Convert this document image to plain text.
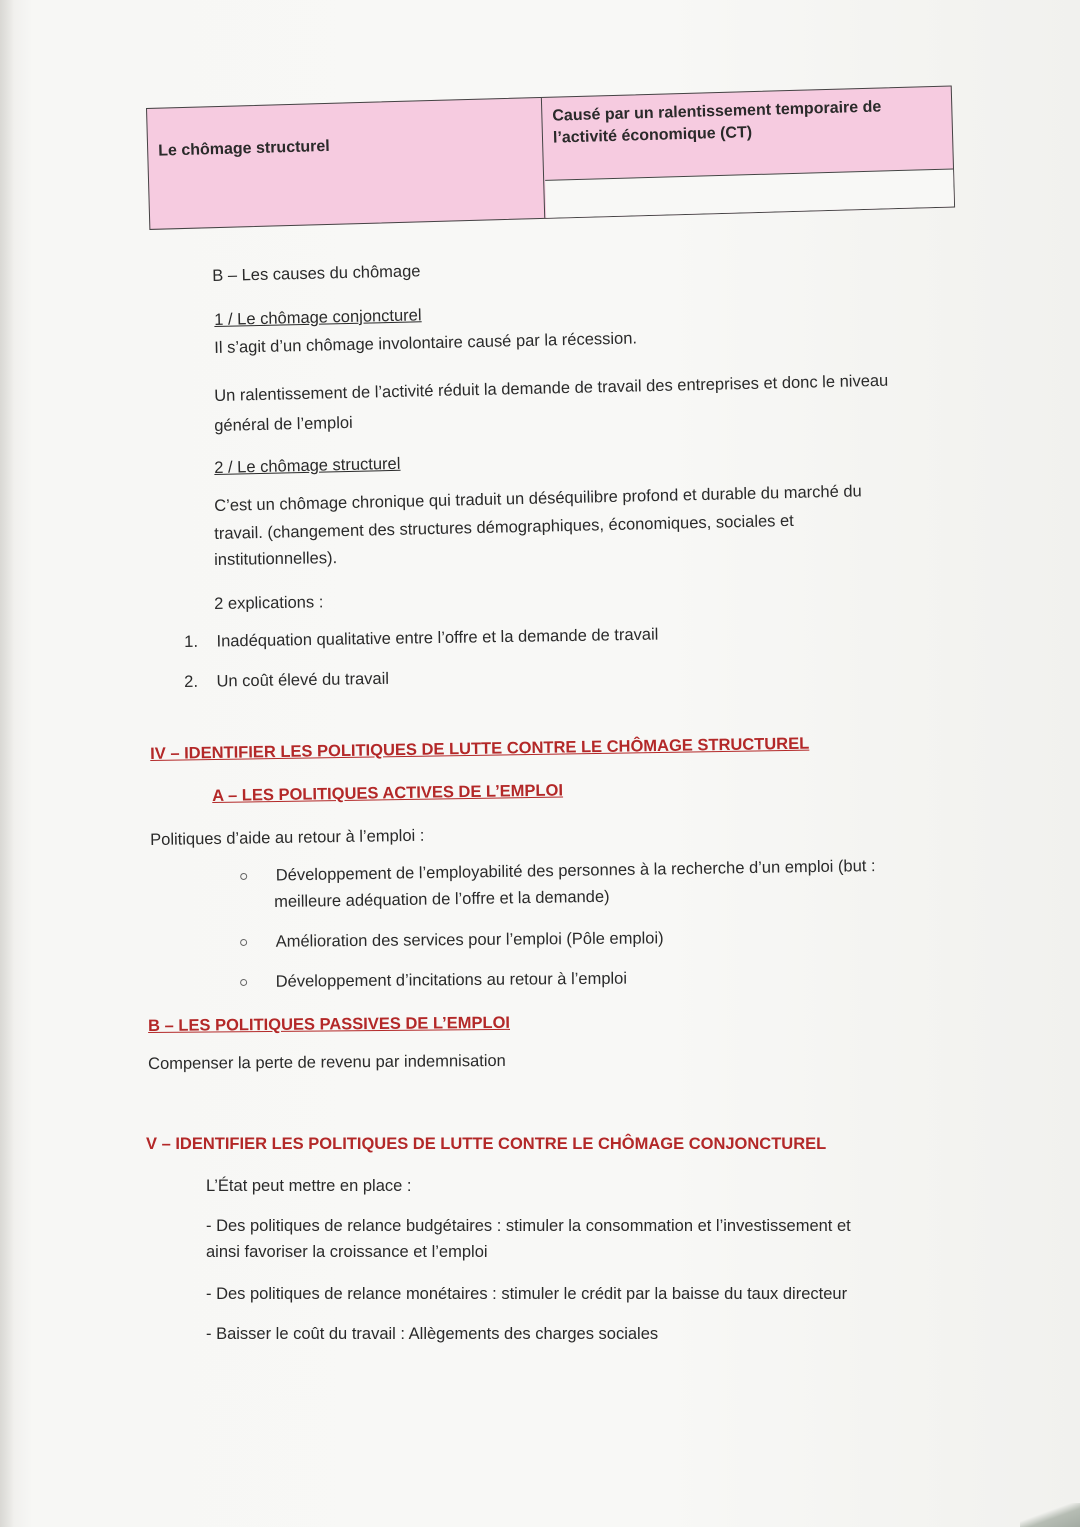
Le chômage structurel
Causé par un ralentissement temporaire de
l’activité économique (CT)
B – Les causes du chômage
1 / Le chômage conjoncturel
Il s’agit d’un chômage involontaire causé par la récession.
Un ralentissement de l’activité réduit la demande de travail des entreprises et donc le niveau
général de l’emploi
2 / Le chômage structurel
C’est un chômage chronique qui traduit un déséquilibre profond et durable du marché du
travail. (changement des structures démographiques, économiques, sociales et
institutionnelles).
2 explications :
1. Inadéquation qualitative entre l’offre et la demande de travail
2. Un coût élevé du travail
IV – IDENTIFIER LES POLITIQUES DE LUTTE CONTRE LE CHÔMAGE STRUCTUREL
A – LES POLITIQUES ACTIVES DE L’EMPLOI
Politiques d’aide au retour à l’emploi :
Développement de l’employabilité des personnes à la recherche d’un emploi (but :
meilleure adéquation de l’offre et la demande)
Amélioration des services pour l’emploi (Pôle emploi)
Développement d’incitations au retour à l’emploi
B – LES POLITIQUES PASSIVES DE L’EMPLOI
Compenser la perte de revenu par indemnisation
V – IDENTIFIER LES POLITIQUES DE LUTTE CONTRE LE CHÔMAGE CONJONCTUREL
L’État peut mettre en place :
- Des politiques de relance budgétaires : stimuler la consommation et l’investissement et
ainsi favoriser la croissance et l’emploi
- Des politiques de relance monétaires : stimuler le crédit par la baisse du taux directeur
- Baisser le coût du travail : Allègements des charges sociales
